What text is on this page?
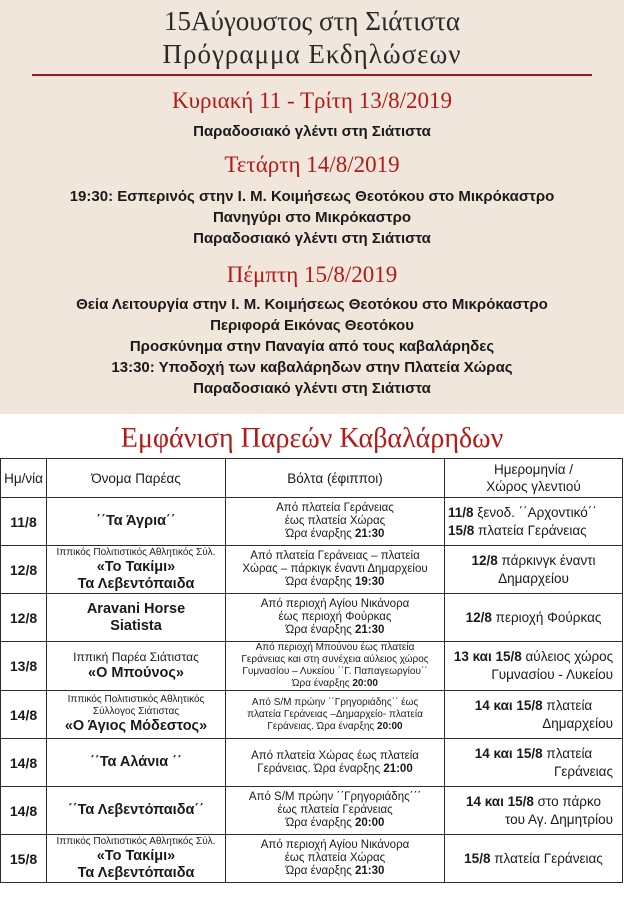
15Αύγουστος στη Σιάτιστα
Πρόγραμμα Εκδηλώσεων
Κυριακή 11 - Τρίτη 13/8/2019
Παραδοσιακό γλέντι στη Σιάτιστα
Τετάρτη 14/8/2019
19:30: Εσπερινός στην Ι. Μ. Κοιμήσεως Θεοτόκου στο Μικρόκαστρο
Πανηγύρι στο Μικρόκαστρο
Παραδοσιακό γλέντι στη Σιάτιστα
Πέμπτη 15/8/2019
Θεία Λειτουργία στην Ι. Μ. Κοιμήσεως Θεοτόκου στο Μικρόκαστρο
Περιφορά Εικόνας Θεοτόκου
Προσκύνημα στην Παναγία από τους καβαλάρηδες
13:30: Υποδοχή των καβαλάρηδων στην Πλατεία Χώρας
Παραδοσιακό γλέντι στη Σιάτιστα
Εμφάνιση Παρεών Καβαλάρηδων
Ημ/νία	Όνομα Παρέας	Βόλτα (έφιπποι)	Ημερομηνία /
Χώρος γλεντιού
11/8	΄΄Τα Άγρια΄΄	Από πλατεία Γεράνειας
έως πλατεία Χώρας
Ώρα έναρξης 21:30	11/8 ξενοδ. ΄΄Αρχοντικό΄΄
15/8 πλατεία Γεράνειας
12/8	Ιππικός Πολιτιστικός Αθλητικός Σύλ.
«Το Τακίμι»
Τα Λεβεντόπαιδα	Από πλατεία Γεράνειας – πλατεία
Χώρας – πάρκιγκ έναντι Δημαρχείου
Ώρα έναρξης 19:30	12/8 πάρκινγκ έναντι
Δημαρχείου
12/8	Aravani Horse
Siatista	Από περιοχή Αγίου Νικάνορα
έως περιοχή Φούρκας
Ώρα έναρξης 21:30	12/8 περιοχή Φούρκας
13/8	Ιππική Παρέα Σιάτιστας
«Ο Μπούνος»	Από περιοχή Μπούνου έως πλατεία
Γεράνειας και στη συνέχεια αύλειος χώρος
Γυμνασίου – Λυκείου ΄΄Γ. Παπαγεωργίου΄΄
Ώρα έναρξης 20:00	13 και 15/8 αύλειος χώρος

Γυμνασίου - Λυκείου

14/8	Ιππικός Πολιτιστικός Αθλητικός
Σύλλογος Σιάτιστας
«Ο Άγιος Μόδεστος»	Από S/M πρώην ΄΄Γρηγοριάδης΄΄ έως
πλατεία Γεράνειας –Δημαρχείο- πλατεία
Γεράνειας. Ώρα έναρξης 20:00	14 και 15/8 πλατεία

Δημαρχείου

14/8	΄΄Τα Αλάνια ΄΄	Από πλατεία Χώρας έως πλατεία
Γεράνειας. Ώρα έναρξης 21:00	14 και 15/8 πλατεία

Γεράνειας

14/8	΄΄Τα Λεβεντόπαιδα΄΄	Από S/M πρώην ΄΄Γρηγοριάδης΄΄΄
έως πλατεία Γεράνειας
Ώρα έναρξης 20:00	14 και 15/8 στο πάρκο

του Αγ. Δημητρίου

15/8	Ιππικός Πολιτιστικός Αθλητικός Σύλ.
«Το Τακίμι»
Τα Λεβεντόπαιδα	Από περιοχή Αγίου Νικάνορα
έως πλατεία Χώρας
Ώρα έναρξης 21:30	15/8 πλατεία Γεράνειας
